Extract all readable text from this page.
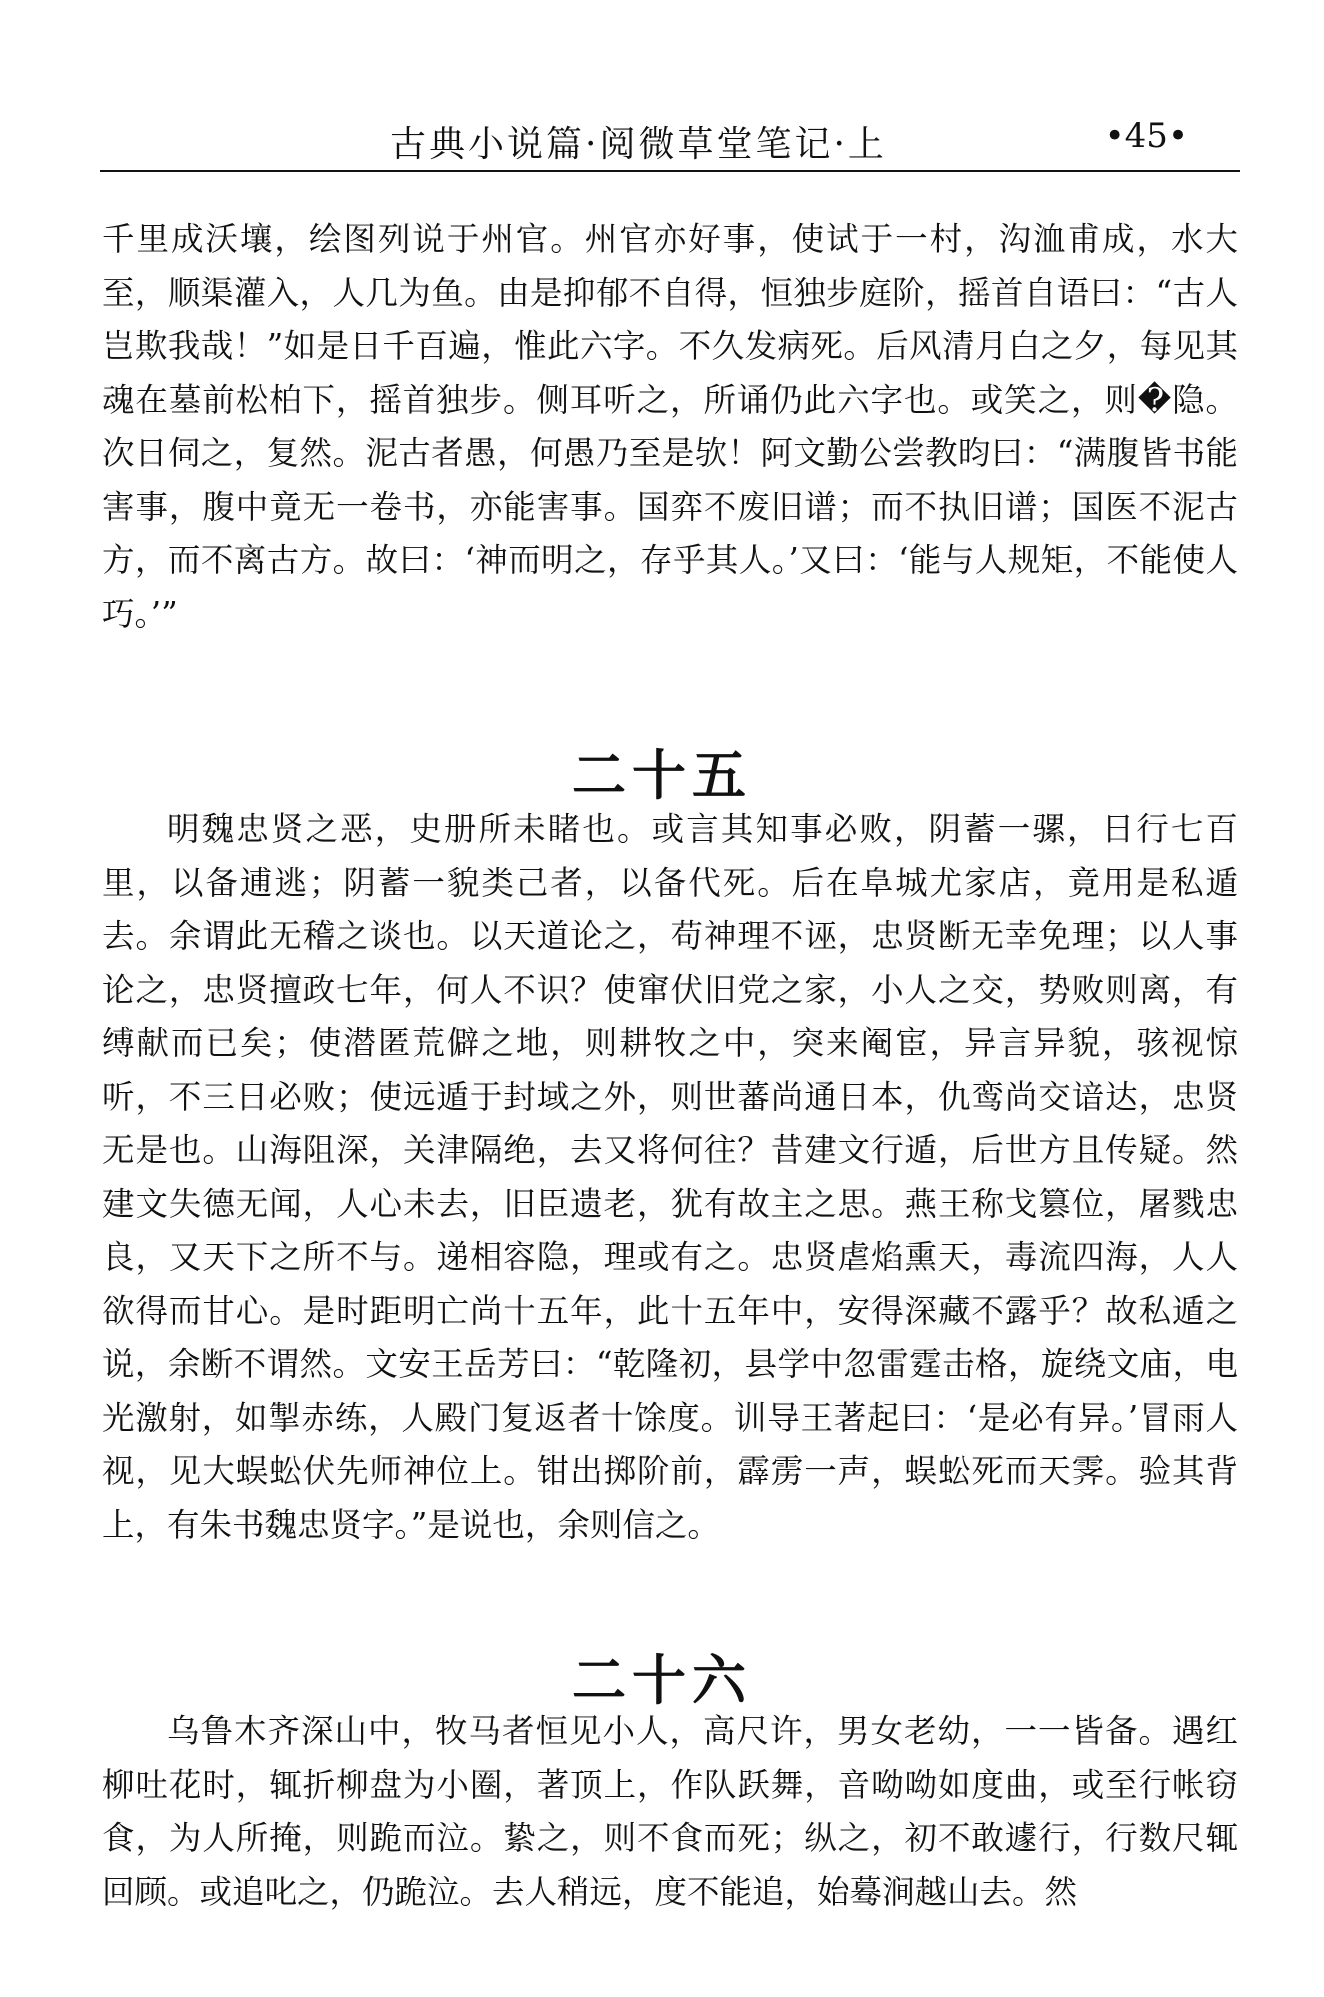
古典小说篇·阅微草堂笔记·上	•45•

千里成沃壤，绘图列说于州官。州官亦好事，使试于一村，沟洫甫成，水大至，顺渠灌入，人几为鱼。由是抑郁不自得，恒独步庭阶，摇首自语曰：“古人岂欺我哉！”如是日千百遍，惟此六字。不久发病死。后风清月白之夕，每见其魂在墓前松柏下，摇首独步。侧耳听之，所诵仍此六字也。或笑之，则�隐。次日伺之，复然。泥古者愚，何愚乃至是欤！阿文勤公尝教昀曰：“满腹皆书能害事，腹中竟无一卷书，亦能害事。国弈不废旧谱；而不执旧谱；国医不泥古方，而不离古方。故曰：‘神而明之，存乎其人。’又曰：‘能与人规矩，不能使人巧。’”

二十五

明魏忠贤之恶，史册所未睹也。或言其知事必败，阴蓄一骡，日行七百里，以备逋逃；阴蓄一貌类己者，以备代死。后在阜城尤家店，竟用是私遁去。余谓此无稽之谈也。以天道论之，苟神理不诬，忠贤断无幸免理；以人事论之，忠贤擅政七年，何人不识？使窜伏旧党之家，小人之交，势败则离，有缚献而已矣；使潜匿荒僻之地，则耕牧之中，突来阉宦，异言异貌，骇视惊听，不三日必败；使远遁于封域之外，则世蕃尚通日本，仇鸾尚交谙达，忠贤无是也。山海阻深，关津隔绝，去又将何往？昔建文行遁，后世方且传疑。然建文失德无闻，人心未去，旧臣遗老，犹有故主之思。燕王称戈篡位，屠戮忠良，又天下之所不与。递相容隐，理或有之。忠贤虐焰熏天，毒流四海，人人欲得而甘心。是时距明亡尚十五年，此十五年中，安得深藏不露乎？故私遁之说，余断不谓然。文安王岳芳曰：“乾隆初，县学中忽雷霆击格，旋绕文庙，电光激射，如掣赤练，人殿门复返者十馀度。训导王著起曰：‘是必有异。’冒雨人视，见大蜈蚣伏先师神位上。钳出掷阶前，霹雳一声，蜈蚣死而天霁。验其背上，有朱书魏忠贤字。”是说也，余则信之。

二十六

乌鲁木齐深山中，牧马者恒见小人，高尺许，男女老幼，一一皆备。遇红柳吐花时，辄折柳盘为小圈，著顶上，作队跃舞，音呦呦如度曲，或至行帐窃食，为人所掩，则跪而泣。絷之，则不食而死；纵之，初不敢遽行，行数尺辄回顾。或追叱之，仍跪泣。去人稍远，度不能追，始蓦涧越山去。然
